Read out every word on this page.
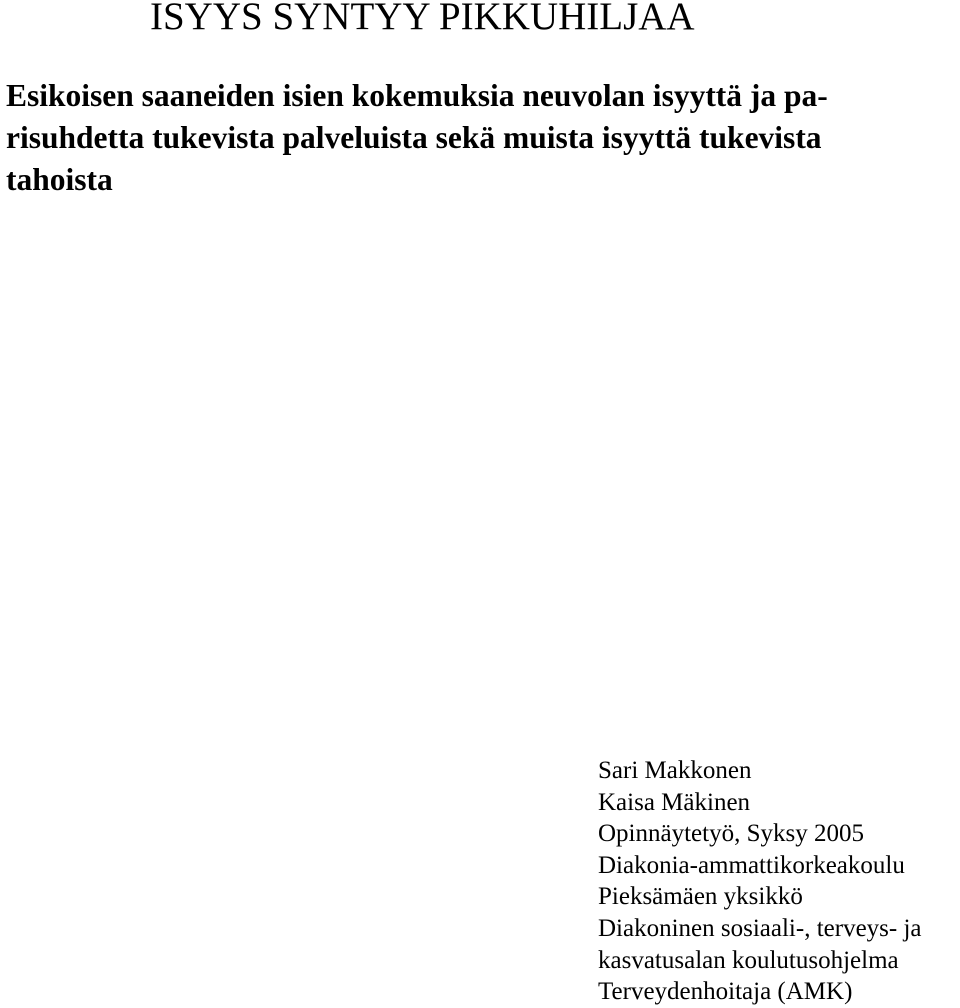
ISYYS SYNTYY PIKKUHILJAA
Esikoisen saaneiden isien kokemuksia neuvolan isyyttä ja pa-
risuhdetta tukevista palveluista sekä muista isyyttä tukevista
tahoista
Sari Makkonen
Kaisa Mäkinen
Opinnäytetyö, Syksy 2005
Diakonia-ammattikorkeakoulu
Pieksämäen yksikkö
Diakoninen sosiaali-, terveys- ja
kasvatusalan koulutusohjelma
Terveydenhoitaja (AMK)
